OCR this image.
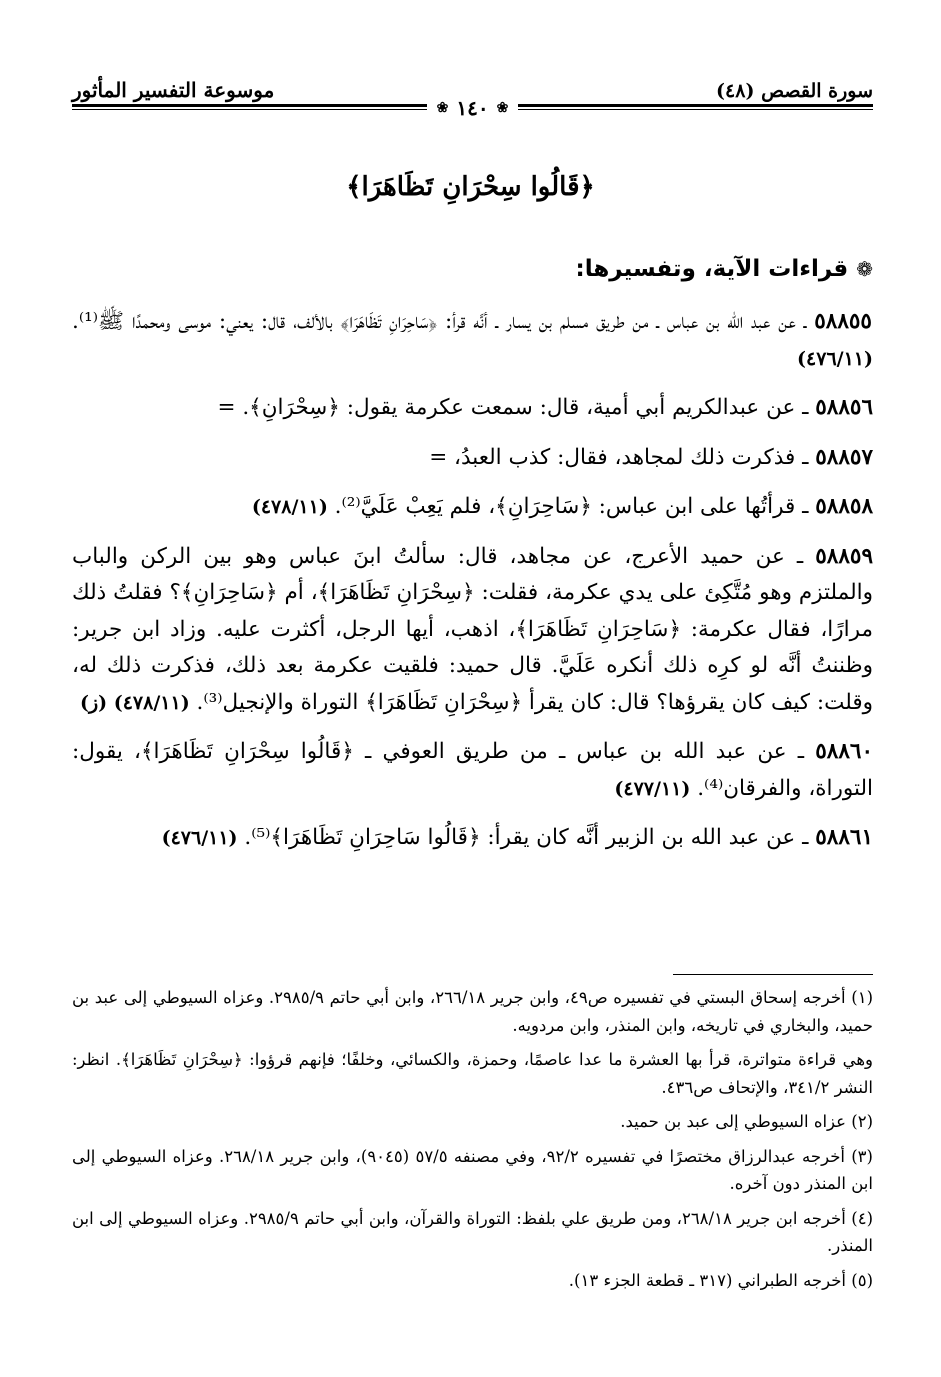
سورة القصص (٤٨)
موسوعة التفسير المأثور
❀
١٤٠
❀
﴿قَالُوا سِحْرَانِ تَظَاهَرَا﴾
❁
قراءات الآية، وتفسيرها:

٥٨٨٥٥ ـ عن عبد الله بن عباس ـ من طريق مسلم بن يسار ـ أنَّه قرأ: ﴿سَاحِرَانِ تَظَاهَرَا﴾ بالألف، قال: يعني: موسى ومحمدًا ﷺ⁽¹⁾. (٤٧٦/١١)

٥٨٨٥٦ ـ عن عبدالكريم أبي أمية، قال: سمعت عكرمة يقول: ﴿سِحْرَانِ﴾. =

٥٨٨٥٧ ـ فذكرت ذلك لمجاهد، فقال: كذب العبدُ، =

٥٨٨٥٨ ـ قرأتُها على ابن عباس: ﴿سَاحِرَانِ﴾، فلم يَعِبْ عَلَيَّ⁽²⁾. (٤٧٨/١١)

٥٨٨٥٩ ـ عن حميد الأعرج، عن مجاهد، قال: سألتُ ابنَ عباس وهو بين الركن والباب والملتزم وهو مُتَّكِئ على يدي عكرمة، فقلت: ﴿سِحْرَانِ تَظَاهَرَا﴾، أم ﴿سَاحِرَانِ﴾؟ فقلتُ ذلك مرارًا، فقال عكرمة: ﴿سَاحِرَانِ تَظَاهَرَا﴾، اذهب، أيها الرجل، أكثرت عليه. وزاد ابن جرير: وظننتُ أنَّه لو كرِه ذلك أنكره عَلَيَّ. قال حميد: فلقيت عكرمة بعد ذلك، فذكرت ذلك له، وقلت: كيف كان يقرؤها؟ قال: كان يقرأ ﴿سِحْرَانِ تَظَاهَرَا﴾ التوراة والإنجيل⁽³⁾. (٤٧٨/١١) (ز)

٥٨٨٦٠ ـ عن عبد الله بن عباس ـ من طريق العوفي ـ ﴿قَالُوا سِحْرَانِ تَظَاهَرَا﴾، يقول: التوراة، والفرقان⁽⁴⁾. (٤٧٧/١١)

٥٨٨٦١ ـ عن عبد الله بن الزبير أنَّه كان يقرأ: ﴿قَالُوا سَاحِرَانِ تَظَاهَرَا﴾⁽⁵⁾. (٤٧٦/١١)

(١) أخرجه إسحاق البستي في تفسيره ص٤٩، وابن جرير ٢٦٦/١٨، وابن أبي حاتم ٢٩٨٥/٩. وعزاه السيوطي إلى عبد بن حميد، والبخاري في تاريخه، وابن المنذر، وابن مردويه.

وهي قراءة متواترة، قرأ بها العشرة ما عدا عاصمًا، وحمزة، والكسائي، وخلفًا؛ فإنهم قرؤوا: ﴿سِحْرَانِ تَظَاهَرَا﴾. انظر: النشر ٣٤١/٢، والإتحاف ص٤٣٦.

(٢) عزاه السيوطي إلى عبد بن حميد.

(٣) أخرجه عبدالرزاق مختصرًا في تفسيره ٩٢/٢، وفي مصنفه ٥٧/٥ (٩٠٤٥)، وابن جرير ٢٦٨/١٨. وعزاه السيوطي إلى ابن المنذر دون آخره.

(٤) أخرجه ابن جرير ٢٦٨/١٨، ومن طريق علي بلفظ: التوراة والقرآن، وابن أبي حاتم ٢٩٨٥/٩. وعزاه السيوطي إلى ابن المنذر.

(٥) أخرجه الطبراني (٣١٧ ـ قطعة الجزء ١٣).
